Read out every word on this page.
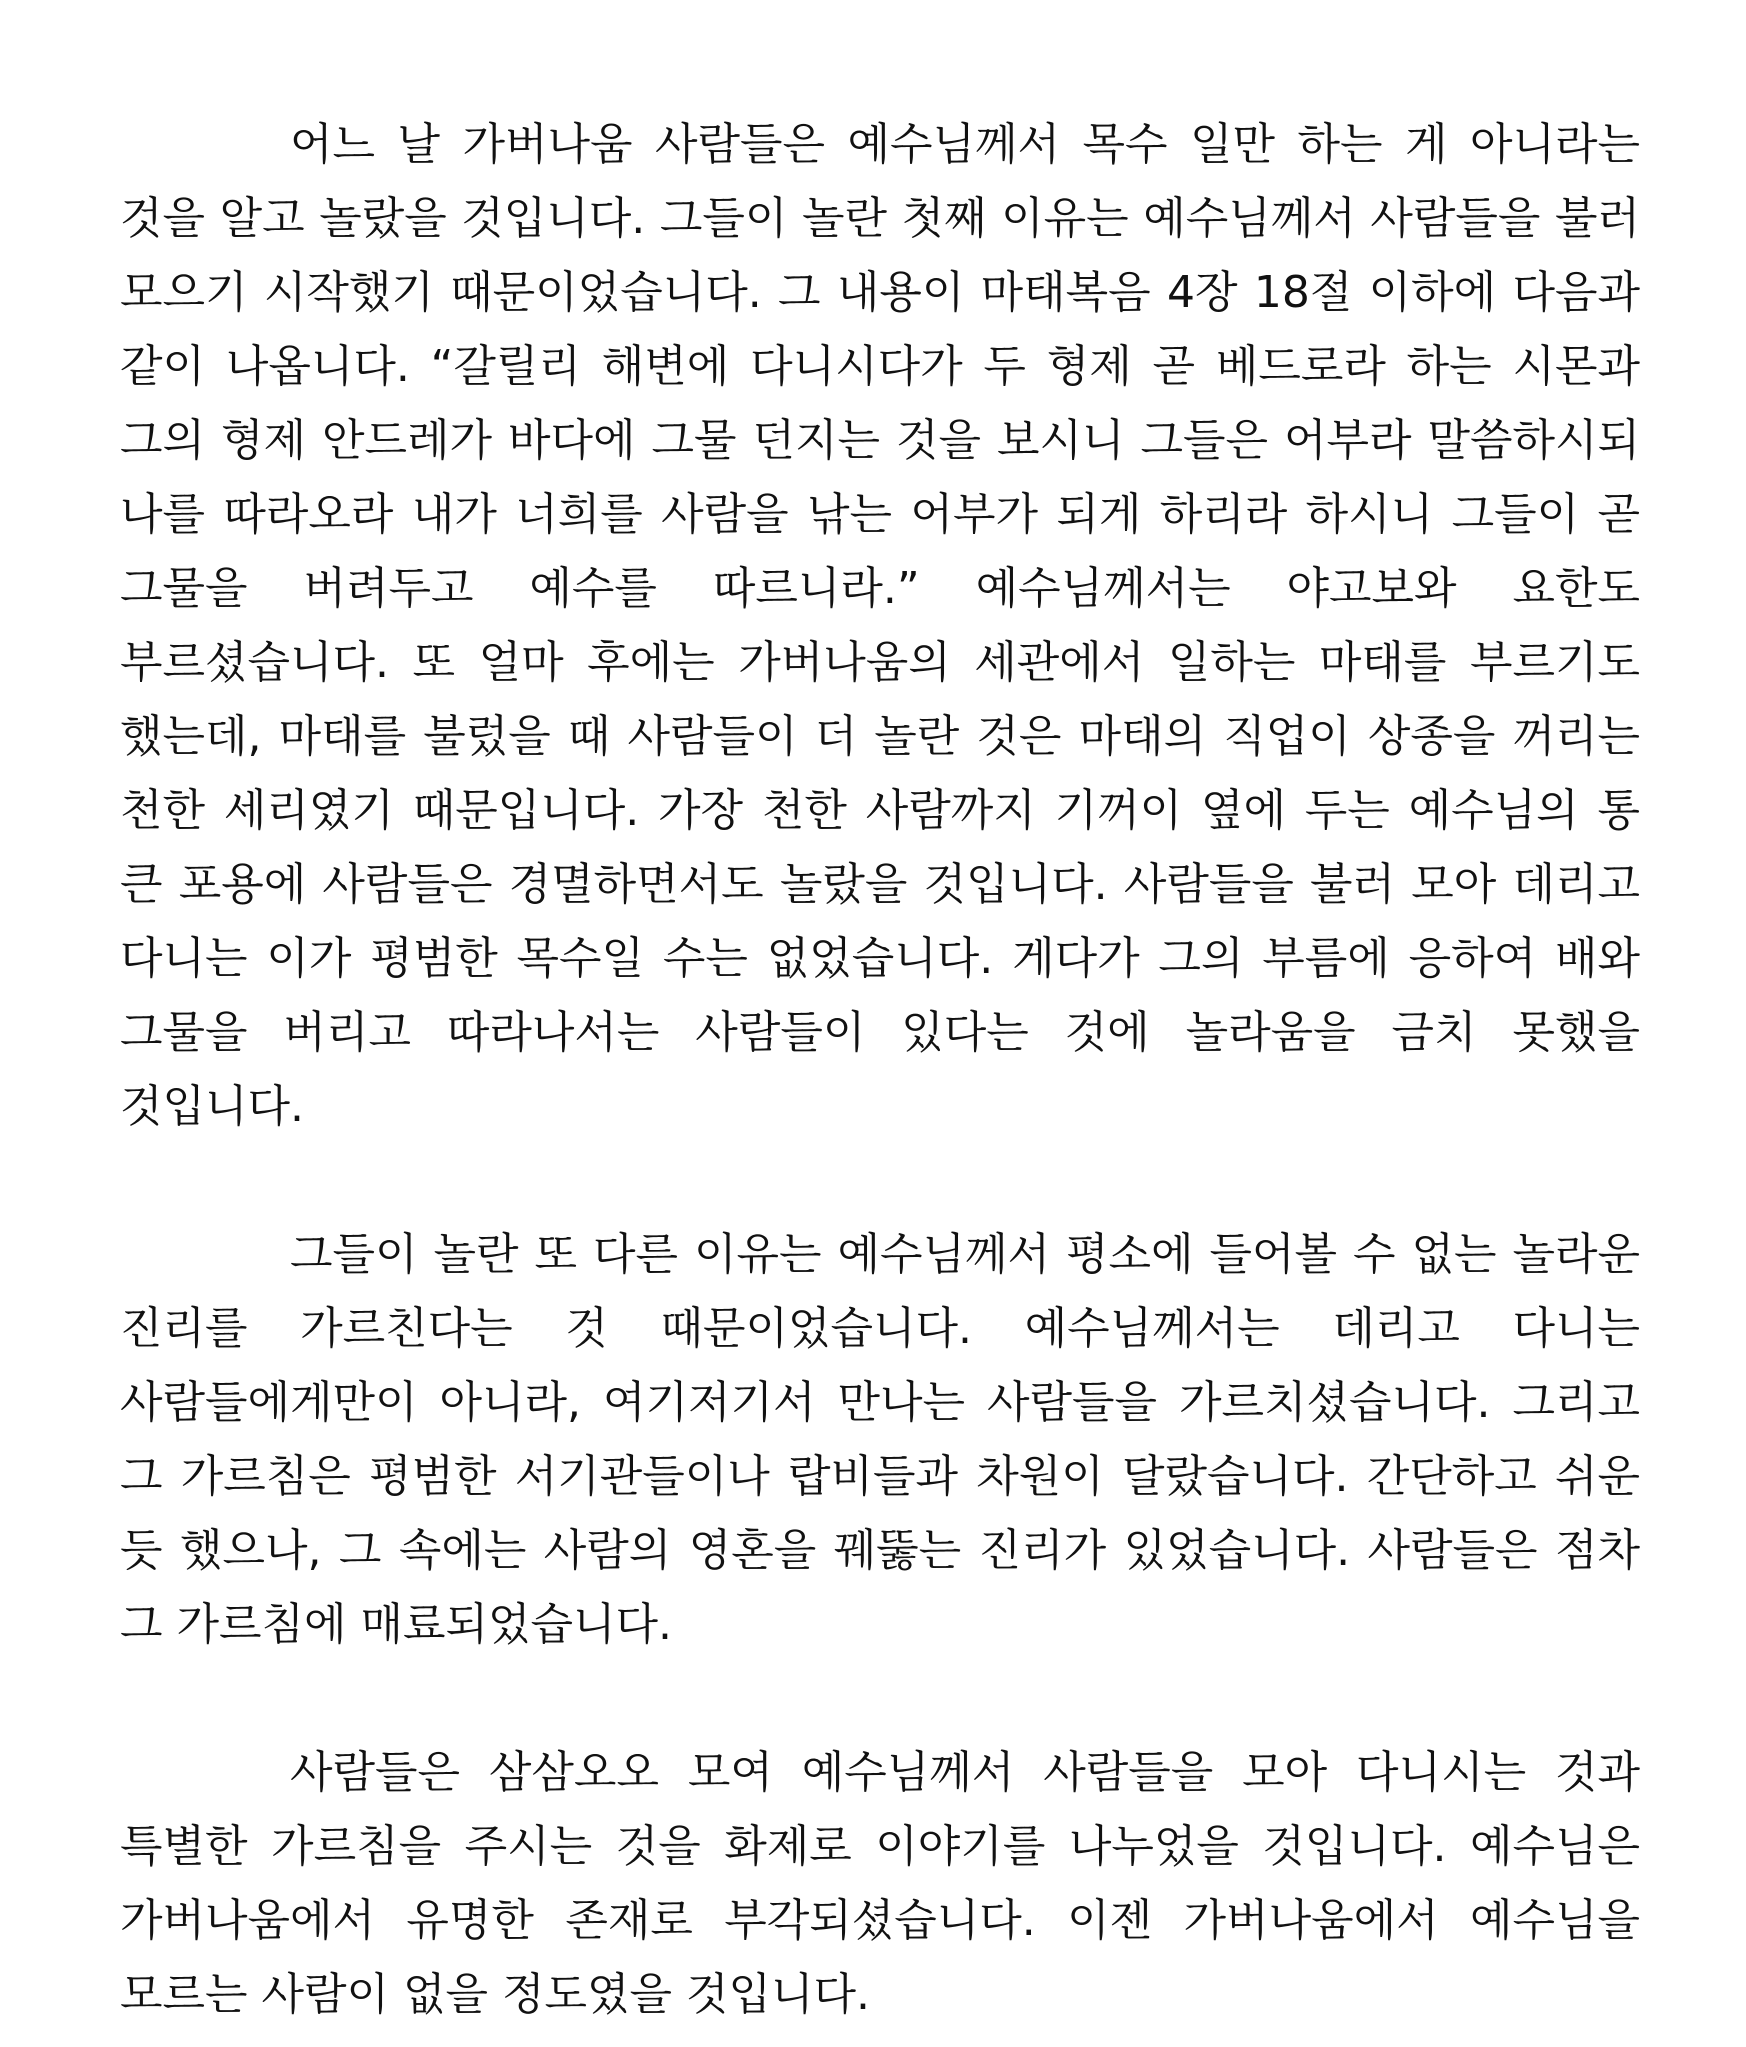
어느 날 가버나움 사람들은 예수님께서 목수 일만 하는 게 아니라는 것을 알고 놀랐을 것입니다. 그들이 놀란 첫째 이유는 예수님께서 사람들을 불러 모으기 시작했기 때문이었습니다. 그 내용이 마태복음 4장 18절 이하에 다음과 같이 나옵니다. “갈릴리 해변에 다니시다가 두 형제 곧 베드로라 하는 시몬과 그의 형제 안드레가 바다에 그물 던지는 것을 보시니 그들은 어부라 말씀하시되 나를 따라오라 내가 너희를 사람을 낚는 어부가 되게 하리라 하시니 그들이 곧 그물을 버려두고 예수를 따르니라.” 예수님께서는 야고보와 요한도 부르셨습니다. 또 얼마 후에는 가버나움의 세관에서 일하는 마태를 부르기도 했는데, 마태를 불렀을 때 사람들이 더 놀란 것은 마태의 직업이 상종을 꺼리는 천한 세리였기 때문입니다. 가장 천한 사람까지 기꺼이 옆에 두는 예수님의 통 큰 포용에 사람들은 경멸하면서도 놀랐을 것입니다. 사람들을 불러 모아 데리고 다니는 이가 평범한 목수일 수는 없었습니다. 게다가 그의 부름에 응하여 배와 그물을 버리고 따라나서는 사람들이 있다는 것에 놀라움을 금치 못했을 것입니다.

그들이 놀란 또 다른 이유는 예수님께서 평소에 들어볼 수 없는 놀라운 진리를 가르친다는 것 때문이었습니다. 예수님께서는 데리고 다니는 사람들에게만이 아니라, 여기저기서 만나는 사람들을 가르치셨습니다. 그리고 그 가르침은 평범한 서기관들이나 랍비들과 차원이 달랐습니다. 간단하고 쉬운 듯 했으나, 그 속에는 사람의 영혼을 꿰뚫는 진리가 있었습니다. 사람들은 점차 그 가르침에 매료되었습니다.

사람들은 삼삼오오 모여 예수님께서 사람들을 모아 다니시는 것과 특별한 가르침을 주시는 것을 화제로 이야기를 나누었을 것입니다. 예수님은 가버나움에서 유명한 존재로 부각되셨습니다. 이젠 가버나움에서 예수님을 모르는 사람이 없을 정도였을 것입니다.
